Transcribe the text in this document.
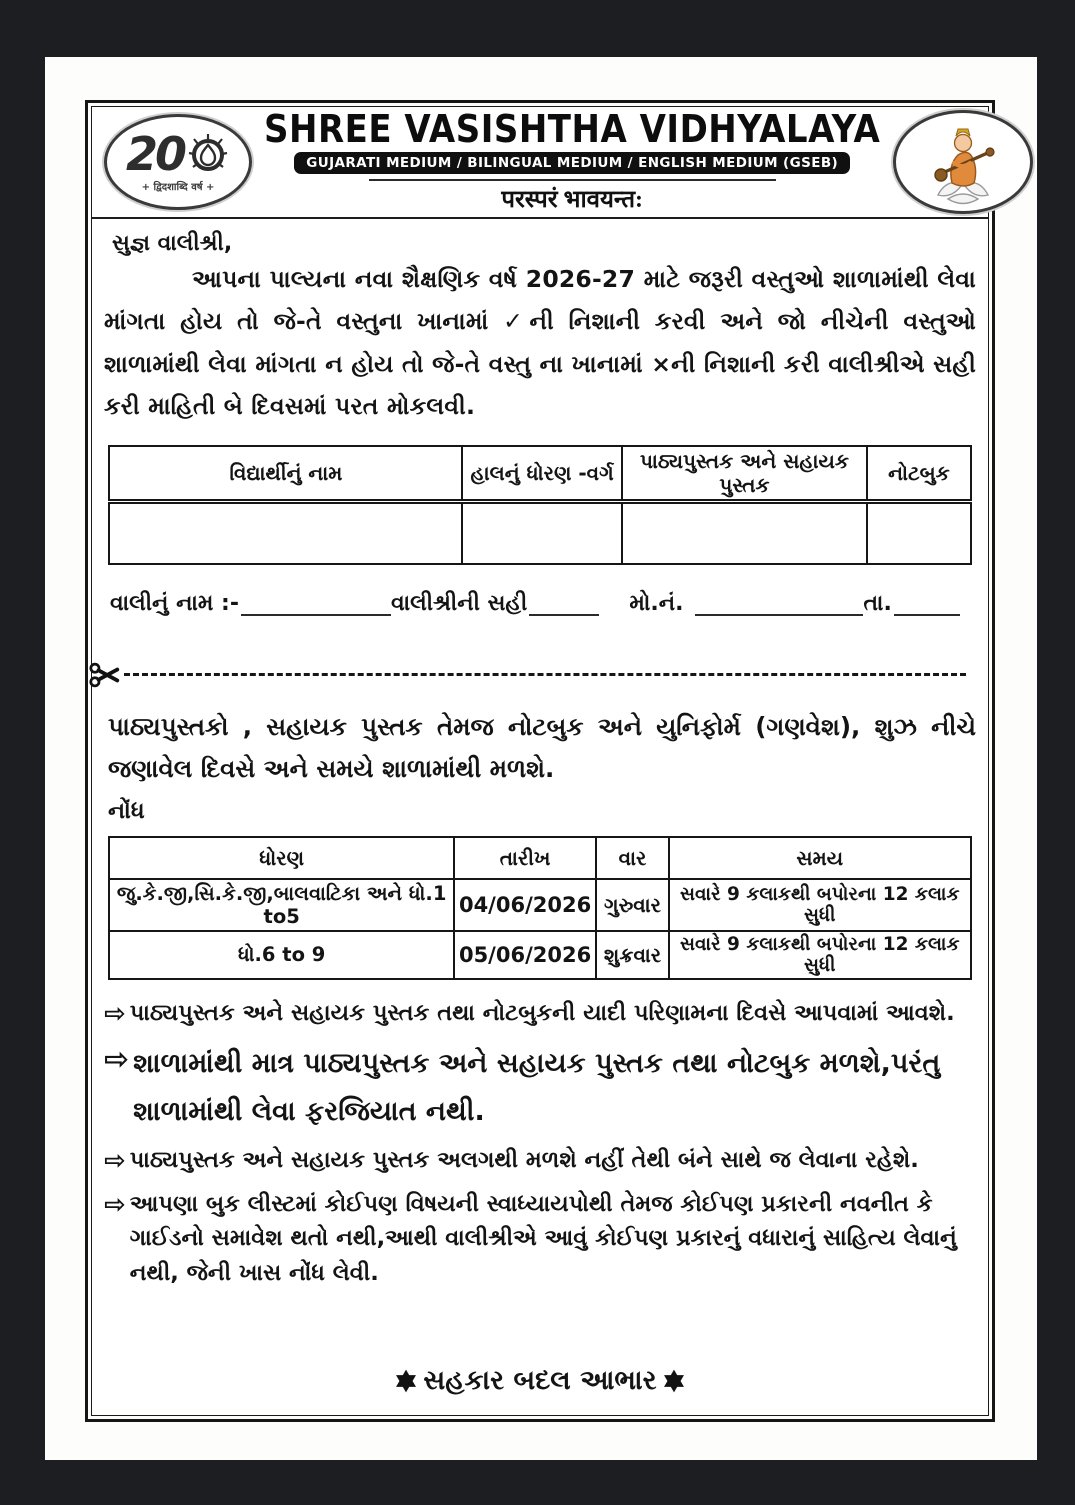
20
+ द्विदशाब्दि वर्ष +
SHREE VASISHTHA VIDHYALAYA
GUJARATI MEDIUM / BILINGUAL MEDIUM / ENGLISH MEDIUM (GSEB)
परस्परं भावयन्त:
સુજ્ઞ વાલીશ્રી,
આપના પાલ્યના નવા શૈક્ષણિક વર્ષ 2026-27 માટે જરૂરી વસ્તુઓ શાળામાંથી લેવા માંગતા હોય તો જે-તે વસ્તુના ખાનામાં ✓ની નિશાની કરવી અને જો નીચેની વસ્તુઓ શાળામાંથી લેવા માંગતા ન હોય તો જે-તે વસ્તુ ના ખાનામાં ×ની નિશાની કરી વાલીશ્રીએ સહી કરી માહિતી બે દિવસમાં પરત મોકલવી.
વિદ્યાર્થીનું નામ	હાલનું ધોરણ -વર્ગ	પાઠ્યપુસ્તક અને સહાયક પુસ્તક	નોટબુક

વાલીનું નામ :-	વાલીશ્રીની સહી	મો.નં.	તા.
પાઠ્યપુસ્તકો , સહાયક પુસ્તક તેમજ નોટબુક અને યુનિફોર્મ (ગણવેશ), શુઝ નીચે જણાવેલ દિવસે અને સમયે શાળામાંથી મળશે.
નોંધ
ધોરણ	તારીખ	વાર	સમય
જુ.કે.જી,સિ.કે.જી,બાલવાટિકા અને ધો.1 to5	04/06/2026	ગુરુવાર	સવારે 9 કલાકથી બપોરના 12 કલાક સુધી
ધો.6 to 9	05/06/2026	શુક્રવાર	સવારે 9 કલાકથી બપોરના 12 કલાક સુધી
⇨ પાઠ્યપુસ્તક અને સહાયક પુસ્તક તથા નોટબુકની યાદી પરિણામના દિવસે આપવામાં આવશે.
⇨ શાળામાંથી માત્ર પાઠ્યપુસ્તક અને સહાયક પુસ્તક તથા નોટબુક મળશે,પરંતુ શાળામાંથી લેવા ફરજિયાત નથી.
⇨ પાઠ્યપુસ્તક અને સહાયક પુસ્તક અલગથી મળશે નહીં તેથી બંને સાથે જ લેવાના રહેશે.
⇨ આપણા બુક લીસ્ટમાં કોઈપણ વિષયની સ્વાધ્યાયપોથી તેમજ કોઈપણ પ્રકારની નવનીત કે ગાઈડનો સમાવેશ થતો નથી,આથી વાલીશ્રીએ આવું કોઈપણ પ્રકારનું વધારાનું સાહિત્ય લેવાનું નથી, જેની ખાસ નોંધ લેવી.
સહકાર બદલ આભાર
